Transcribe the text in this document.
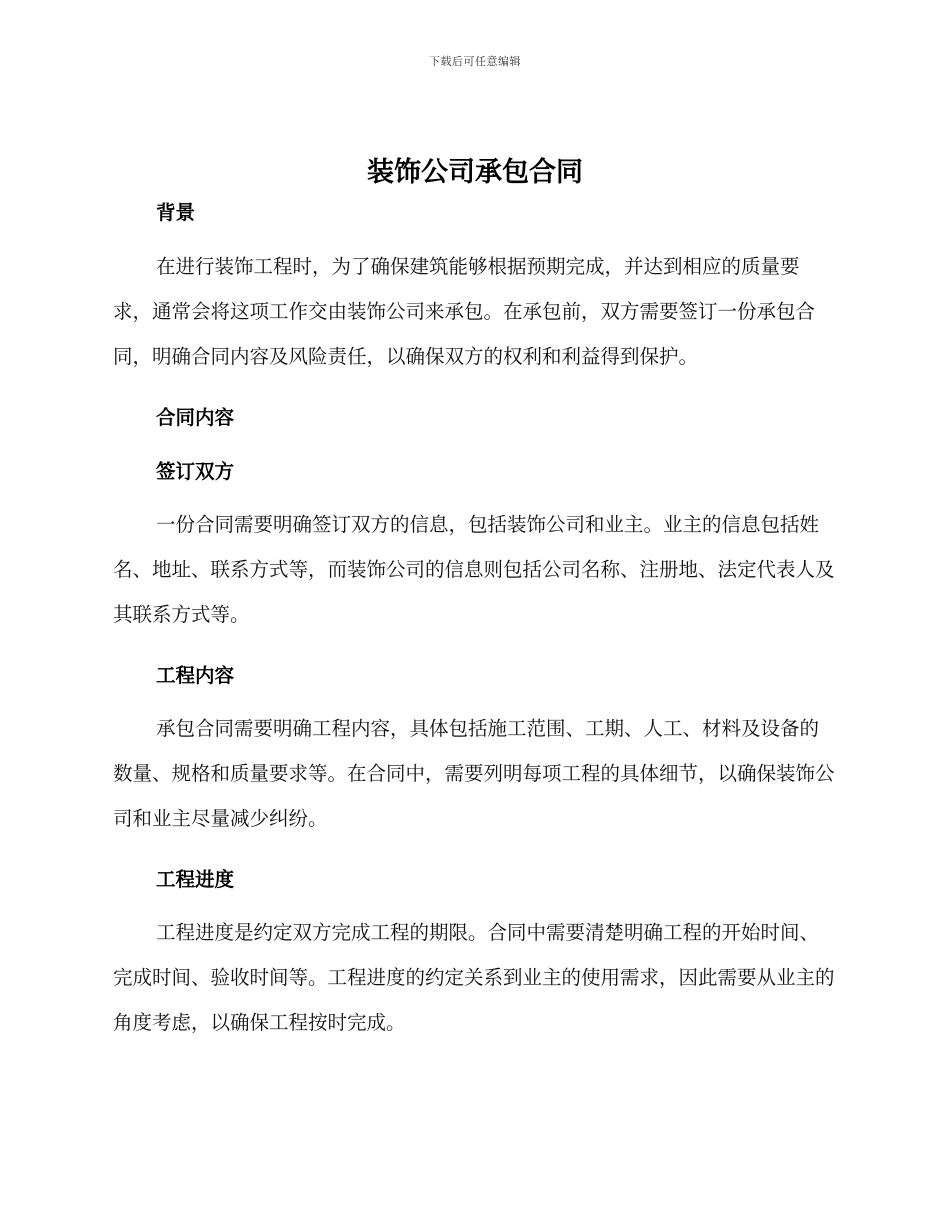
下载后可任意编辑
装饰公司承包合同
背景
在进行装饰工程时，为了确保建筑能够根据预期完成，并达到相应的质量要求，通常会将这项工作交由装饰公司来承包。在承包前，双方需要签订一份承包合同，明确合同内容及风险责任，以确保双方的权利和利益得到保护。
合同内容
签订双方
一份合同需要明确签订双方的信息，包括装饰公司和业主。业主的信息包括姓名、地址、联系方式等，而装饰公司的信息则包括公司名称、注册地、法定代表人及其联系方式等。
工程内容
承包合同需要明确工程内容，具体包括施工范围、工期、人工、材料及设备的数量、规格和质量要求等。在合同中，需要列明每项工程的具体细节，以确保装饰公司和业主尽量减少纠纷。
工程进度
工程进度是约定双方完成工程的期限。合同中需要清楚明确工程的开始时间、完成时间、验收时间等。工程进度的约定关系到业主的使用需求，因此需要从业主的角度考虑，以确保工程按时完成。
